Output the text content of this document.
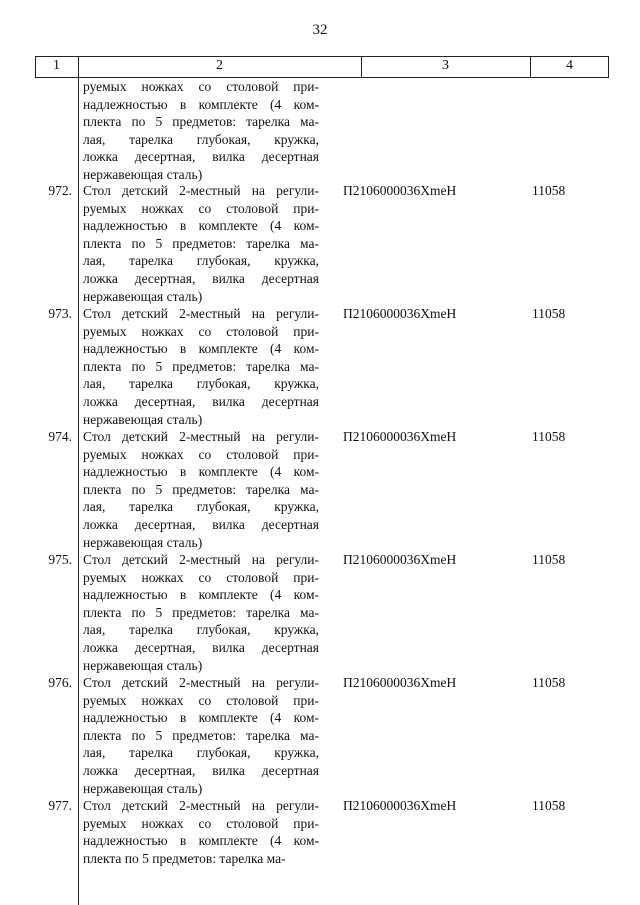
32
1	2	3	4
руемых ножках со столовой при-
надлежностью в комплекте (4 ком-
плекта по 5 предметов: тарелка ма-
лая, тарелка глубокая, кружка,
ложка десертная, вилка десертная
нержавеющая сталь)
972. Стол детский 2-местный на регули-
руемых ножках со столовой при-
надлежностью в комплекте (4 ком-
плекта по 5 предметов: тарелка ма-
лая, тарелка глубокая, кружка,
ложка десертная, вилка десертная
нержавеющая сталь)
П2106000036ХmeН	11058
973. Стол детский 2-местный на регули-
руемых ножках со столовой при-
надлежностью в комплекте (4 ком-
плекта по 5 предметов: тарелка ма-
лая, тарелка глубокая, кружка,
ложка десертная, вилка десертная
нержавеющая сталь)
П2106000036ХmeН	11058
974. Стол детский 2-местный на регули-
руемых ножках со столовой при-
надлежностью в комплекте (4 ком-
плекта по 5 предметов: тарелка ма-
лая, тарелка глубокая, кружка,
ложка десертная, вилка десертная
нержавеющая сталь)
П2106000036ХmeН	11058
975. Стол детский 2-местный на регули-
руемых ножках со столовой при-
надлежностью в комплекте (4 ком-
плекта по 5 предметов: тарелка ма-
лая, тарелка глубокая, кружка,
ложка десертная, вилка десертная
нержавеющая сталь)
П2106000036ХmeН	11058
976. Стол детский 2-местный на регули-
руемых ножках со столовой при-
надлежностью в комплекте (4 ком-
плекта по 5 предметов: тарелка ма-
лая, тарелка глубокая, кружка,
ложка десертная, вилка десертная
нержавеющая сталь)
П2106000036ХmeН	11058
977. Стол детский 2-местный на регули-
руемых ножках со столовой при-
надлежностью в комплекте (4 ком-
плекта по 5 предметов: тарелка ма-
П2106000036ХmeН	11058
